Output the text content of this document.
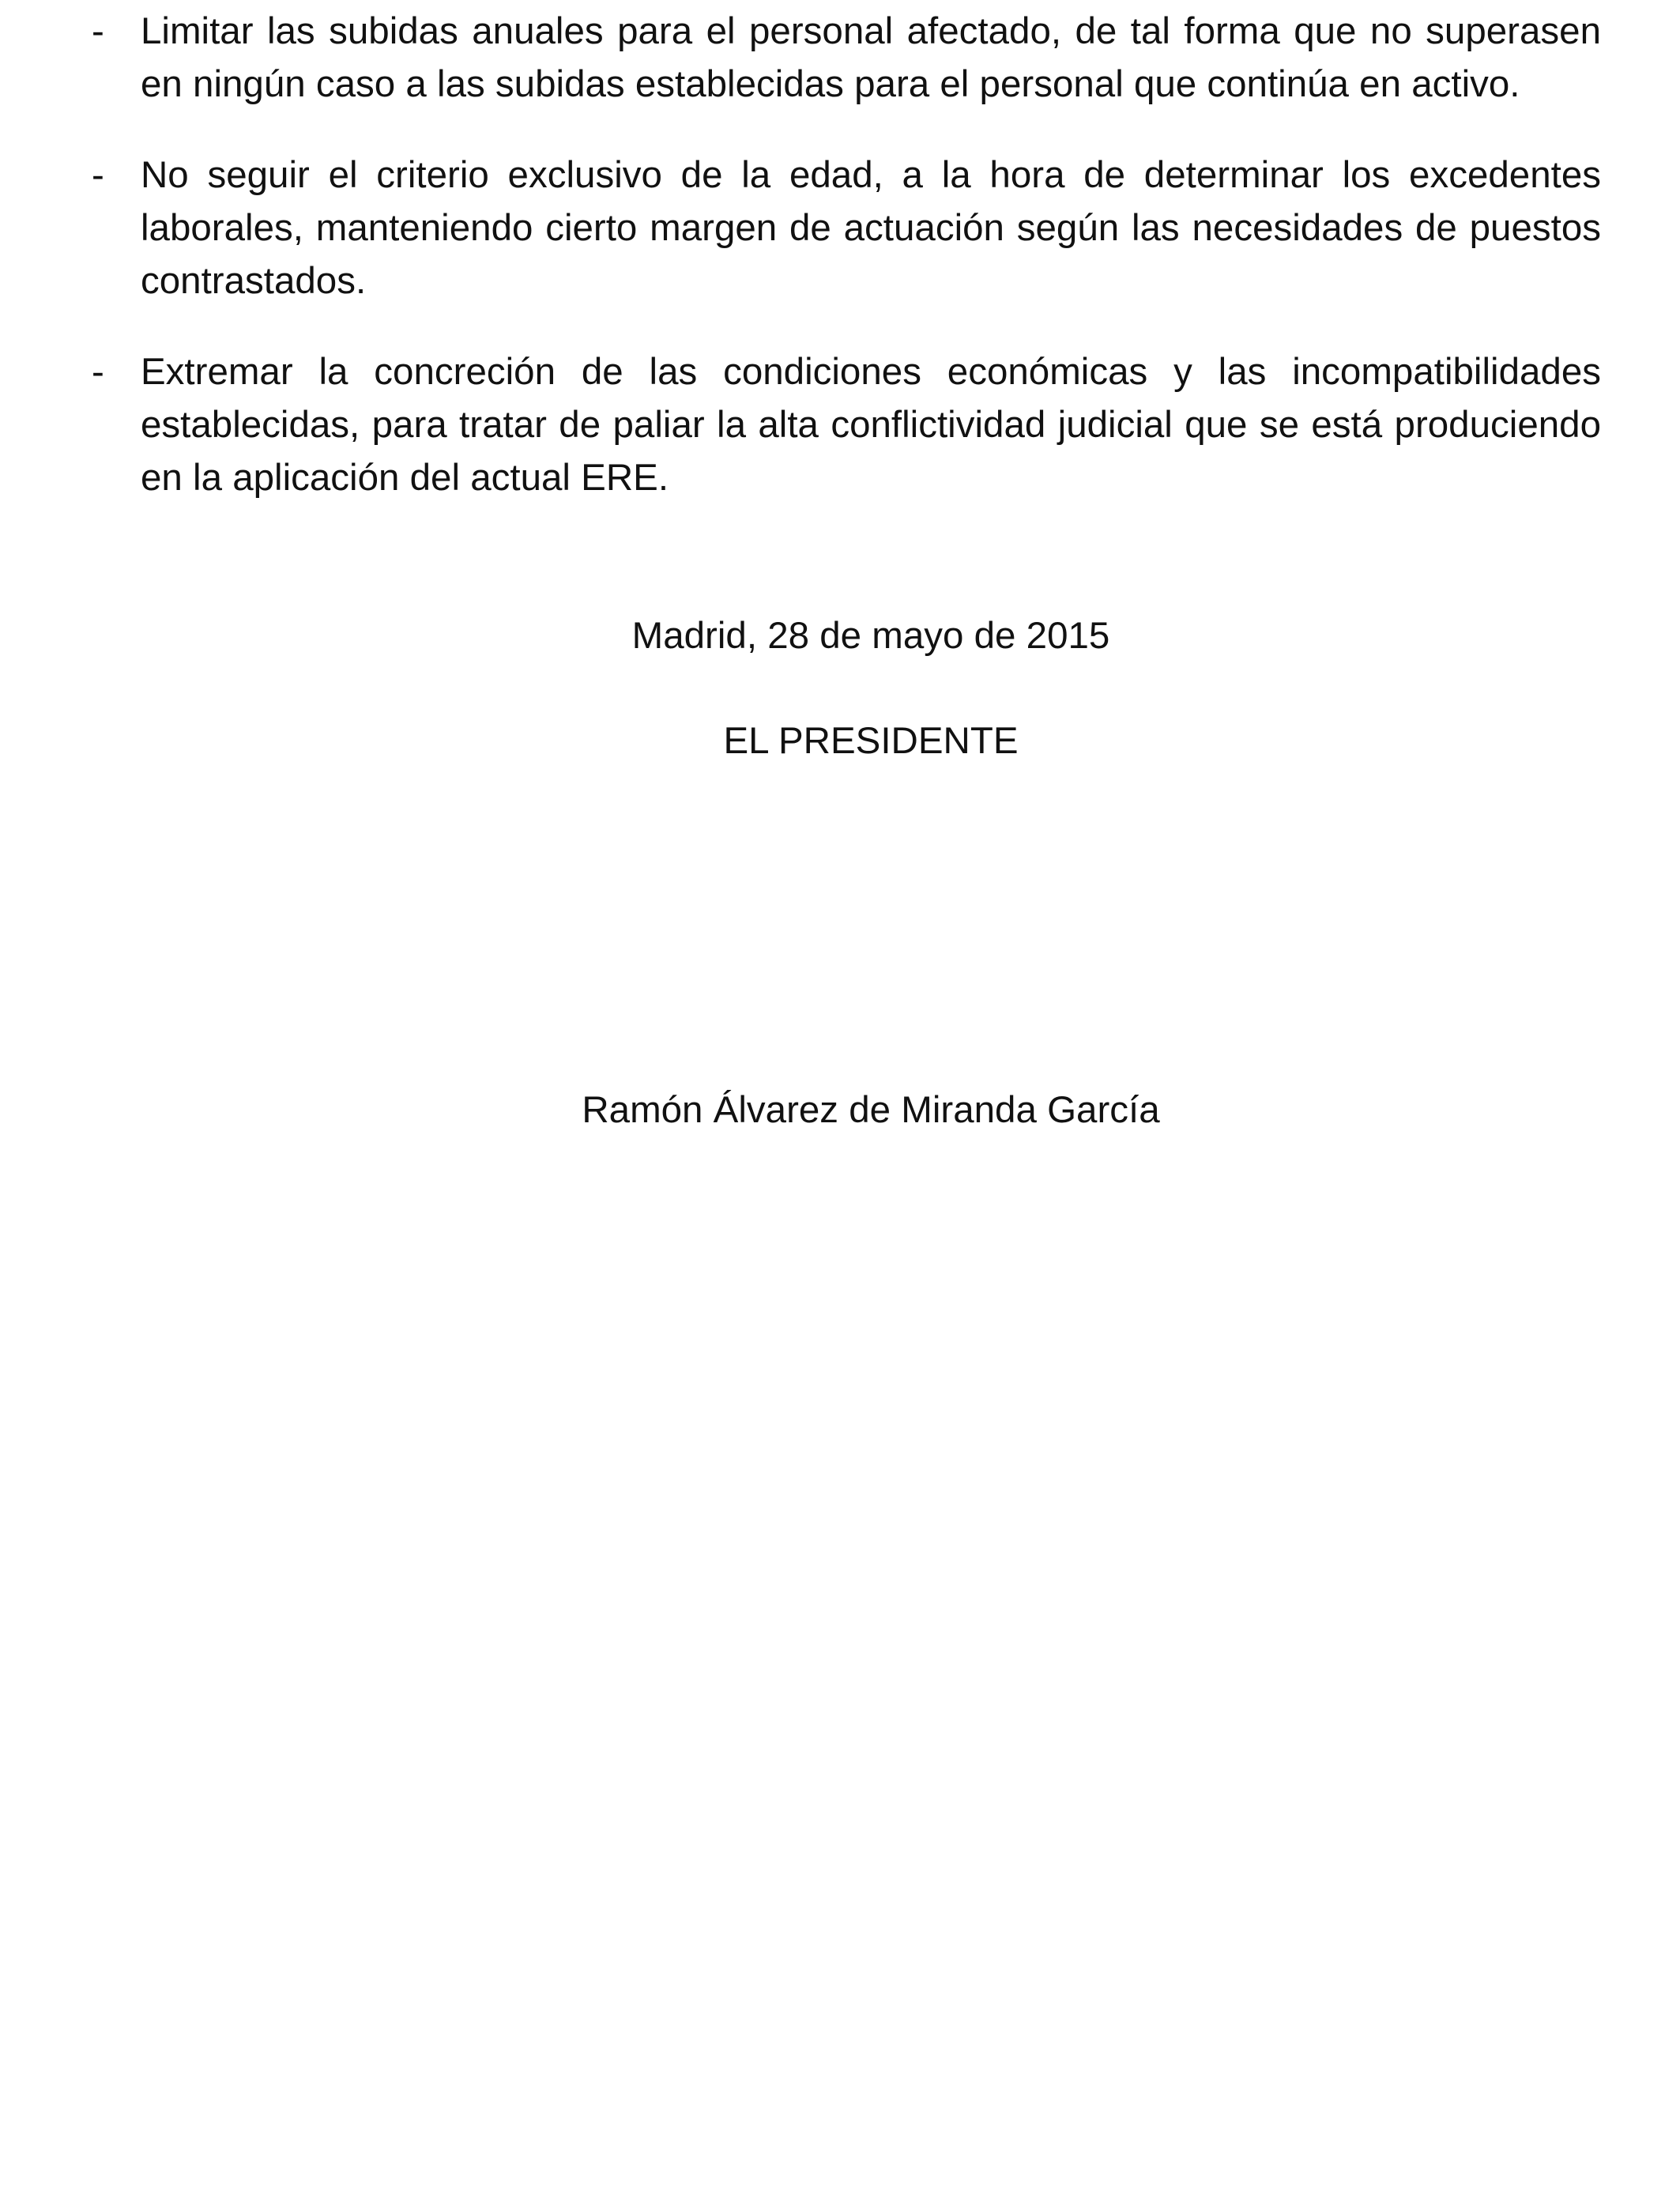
- Limitar las subidas anuales para el personal afectado, de tal forma que no superasen en ningún caso a las subidas establecidas para el personal que continúa en activo.
- No seguir el criterio exclusivo de la edad, a la hora de determinar los excedentes laborales, manteniendo cierto margen de actuación según las necesidades de puestos contrastados.
- Extremar la concreción de las condiciones económicas y las incompatibilidades establecidas, para tratar de paliar la alta conflictividad judicial que se está produciendo en la aplicación del actual ERE.

Madrid, 28 de mayo de 2015

EL PRESIDENTE

Ramón Álvarez de Miranda García
